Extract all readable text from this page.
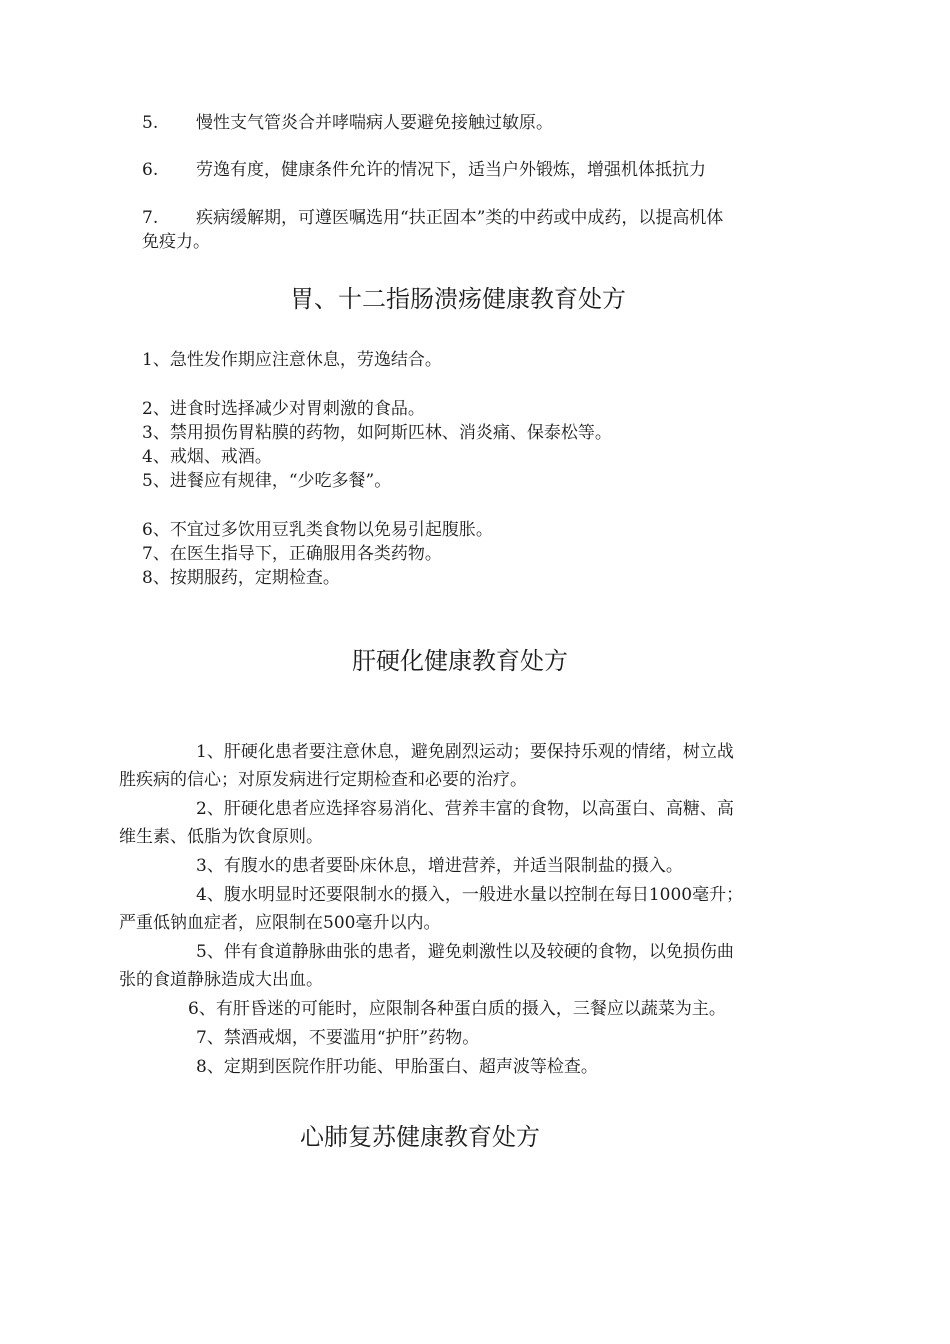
5. 慢性支气管炎合并哮喘病人要避免接触过敏原。
6. 劳逸有度，健康条件允许的情况下，适当户外锻炼，增强机体抵抗力
7. 疾病缓解期，可遵医嘱选用“扶正固本”类的中药或中成药，以提高机体
免疫力。
胃、十二指肠溃疡健康教育处方
1、急性发作期应注意休息，劳逸结合。
2、进食时选择减少对胃刺激的食品。
3、禁用损伤胃粘膜的药物，如阿斯匹林、消炎痛、保泰松等。
4、戒烟、戒酒。
5、进餐应有规律，“少吃多餐”。
6、不宜过多饮用豆乳类食物以免易引起腹胀。
7、在医生指导下，正确服用各类药物。
8、按期服药，定期检查。
肝硬化健康教育处方
1、肝硬化患者要注意休息，避免剧烈运动；要保持乐观的情绪，树立战
胜疾病的信心；对原发病进行定期检查和必要的治疗。
2、肝硬化患者应选择容易消化、营养丰富的食物，以高蛋白、高糖、高
维生素、低脂为饮食原则。
3、有腹水的患者要卧床休息，增进营养，并适当限制盐的摄入。
4、腹水明显时还要限制水的摄入，一般进水量以控制在每日1000毫升；
严重低钠血症者，应限制在500毫升以内。
5、伴有食道静脉曲张的患者，避免刺激性以及较硬的食物，以免损伤曲
张的食道静脉造成大出血。
6、有肝昏迷的可能时，应限制各种蛋白质的摄入，三餐应以蔬菜为主。
7、禁酒戒烟，不要滥用“护肝”药物。
8、定期到医院作肝功能、甲胎蛋白、超声波等检查。
心肺复苏健康教育处方
